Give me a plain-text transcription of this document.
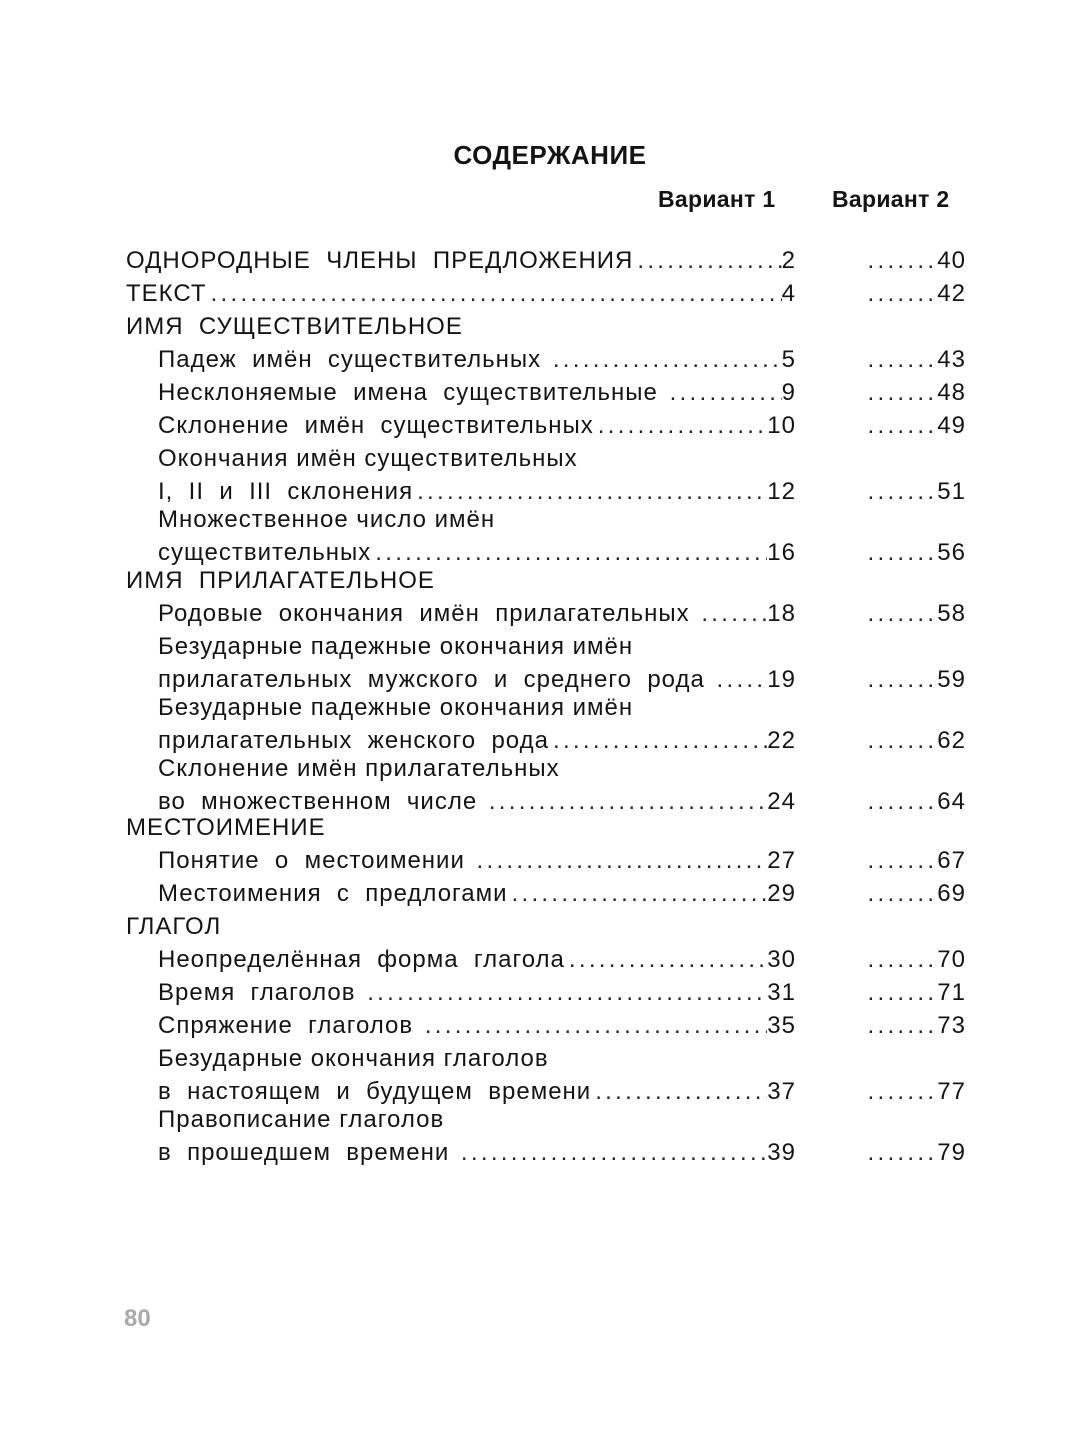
СОДЕРЖАНИЕ
Вариант 1 Вариант 2
ОДНОРОДНЫЕ  ЧЛЕНЫ  ПРЕДЛОЖЕНИЯ .....	2	....... 40
ТЕКСТ .....	4	....... 42
ИМЯ  СУЩЕСТВИТЕЛЬНОЕ
Падеж  имён  существительных .....	5	....... 43
Несклоняемые  имена  существительные .....	9	....... 48
Склонение  имён  существительных .....	10	....... 49
Окончания имён существительных
I,  II  и  III  склонения .....	12	....... 51
Множественное число имён
существительных .....	16	....... 56
ИМЯ  ПРИЛАГАТЕЛЬНОЕ
Родовые  окончания  имён  прилагательных .....	18	....... 58
Безударные падежные окончания имён
прилагательных  мужского  и  среднего  рода ..... 19	....... 59
Безударные падежные окончания имён
прилагательных  женского  рода .....	22	....... 62
Склонение имён прилагательных
во  множественном  числе .....	24	....... 64
МЕСТОИМЕНИЕ
Понятие  о  местоимении .....	27	....... 67
Местоимения  с  предлогами .....	29	....... 69
ГЛАГОЛ
Неопределённая  форма  глагола .....	30	....... 70
Время  глаголов .....	31	....... 71
Спряжение  глаголов .....	35	....... 73
Безударные окончания глаголов
в  настоящем  и  будущем  времени .....	37	....... 77
Правописание глаголов
в  прошедшем  времени .....	39	....... 79
80
